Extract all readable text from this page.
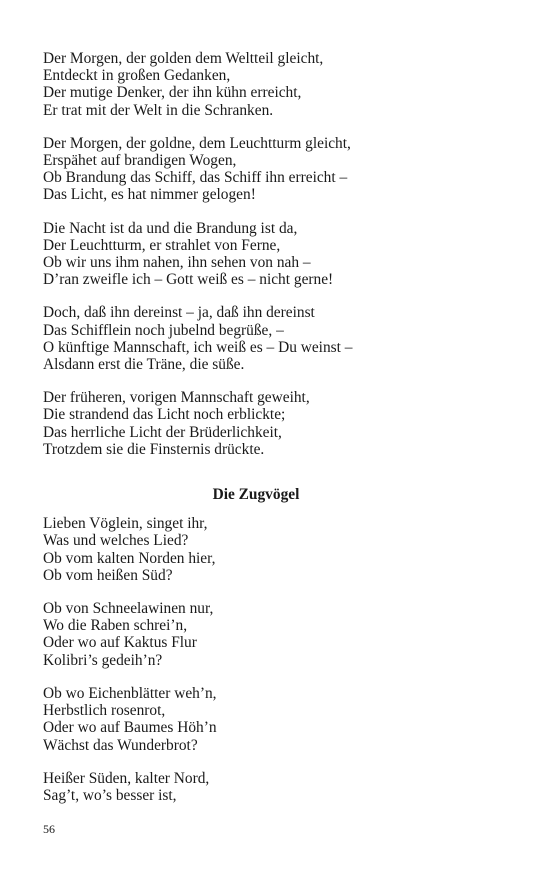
Der Morgen, der golden dem Weltteil gleicht,
Entdeckt in großen Gedanken,
Der mutige Denker, der ihn kühn erreicht,
Er trat mit der Welt in die Schranken.
Der Morgen, der goldne, dem Leuchtturm gleicht,
Erspähet auf brandigen Wogen,
Ob Brandung das Schiff, das Schiff ihn erreicht –
Das Licht, es hat nimmer gelogen!
Die Nacht ist da und die Brandung ist da,
Der Leuchtturm, er strahlet von Ferne,
Ob wir uns ihm nahen, ihn sehen von nah –
D’ran zweifle ich – Gott weiß es – nicht gerne!
Doch, daß ihn dereinst – ja, daß ihn dereinst
Das Schifflein noch jubelnd begrüße, –
O künftige Mannschaft, ich weiß es – Du weinst –
Alsdann erst die Träne, die süße.
Der früheren, vorigen Mannschaft geweiht,
Die strandend das Licht noch erblickte;
Das herrliche Licht der Brüderlichkeit,
Trotzdem sie die Finsternis drückte.
Die Zugvögel
Lieben Vöglein, singet ihr,
Was und welches Lied?
Ob vom kalten Norden hier,
Ob vom heißen Süd?
Ob von Schneelawinen nur,
Wo die Raben schrei’n,
Oder wo auf Kaktus Flur
Kolibri’s gedeih’n?
Ob wo Eichenblätter weh’n,
Herbstlich rosenrot,
Oder wo auf Baumes Höh’n
Wächst das Wunderbrot?
Heißer Süden, kalter Nord,
Sag’t, wo’s besser ist,
56
